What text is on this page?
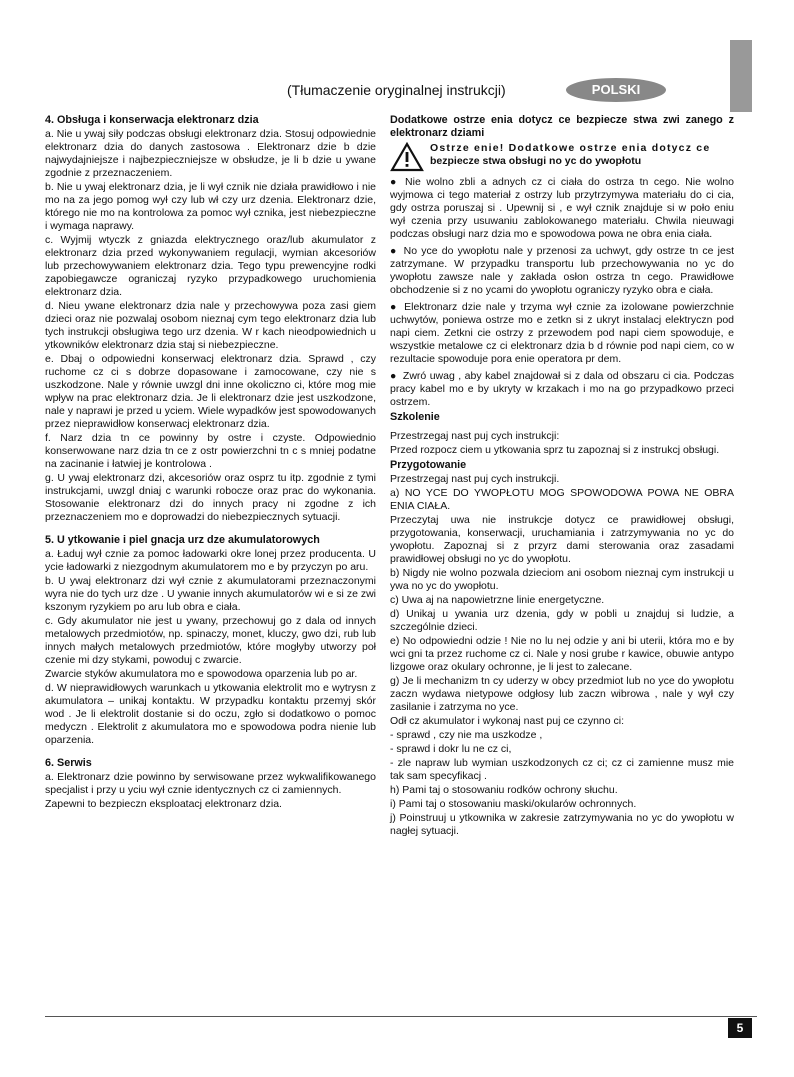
(Tłumaczenie oryginalnej instrukcji)	POLSKI
4. Obsługa i konserwacja elektronarz dzia

a. Nie u ywaj siły podczas obsługi elektronarz dzia. Stosuj odpowiednie elektronarz dzia do danych zastosowa . Elektronarz dzie b dzie najwydajniejsze i najbezpieczniejsze w obsłudze, je li b dzie u ywane zgodnie z przeznaczeniem.

b. Nie u ywaj elektronarz dzia, je li wył cznik nie działa prawidłowo i nie mo na za jego pomog wył czy lub wł czy urz dzenia. Elektronarz dzie, którego nie mo na kontrolowa za pomoc wył cznika, jest niebezpieczne i wymaga naprawy.

c. Wyjmij wtyczk z gniazda elektrycznego oraz/lub akumulator z elektronarz dzia przed wykonywaniem regulacji, wymian akcesoriów lub przechowywaniem elektronarz dzia. Tego typu prewencyjne rodki zapobiegawcze ograniczaj ryzyko przypadkowego uruchomienia elektronarz dzia.

d. Nieu ywane elektronarz dzia nale y przechowywa poza zasi giem dzieci oraz nie pozwalaj osobom nieznaj cym tego elektronarz dzia lub tych instrukcji obsługiwa tego urz dzenia. W r kach nieodpowiednich u ytkowników elektronarz dzia staj si niebezpieczne.

e. Dbaj o odpowiedni konserwacj elektronarz dzia. Sprawd , czy ruchome cz ci s dobrze dopasowane i zamocowane, czy nie s uszkodzone. Nale y równie uwzgl dni inne okoliczno ci, które mog mie wpływ na prac elektronarz dzia. Je li elektronarz dzie jest uszkodzone, nale y naprawi je przed u yciem. Wiele wypadków jest spowodowanych przez nieprawidłow konserwacj elektronarz dzia.

f. Narz dzia tn ce powinny by ostre i czyste. Odpowiednio konserwowane narz dzia tn ce z ostr powierzchni tn c s mniej podatne na zacinanie i łatwiej je kontrolowa .

g. U ywaj elektronarz dzi, akcesoriów oraz osprz tu itp. zgodnie z tymi instrukcjami, uwzgl dniaj c warunki robocze oraz prac do wykonania. Stosowanie elektronarz dzi do innych pracy ni zgodne z ich przeznaczeniem mo e doprowadzi do niebezpiecznych sytuacji.

5. U ytkowanie i piel gnacja urz dze akumulatorowych

a. Ładuj wył cznie za pomoc ładowarki okre lonej przez producenta. U ycie ładowarki z niezgodnym akumulatorem mo e by przyczyn po aru.

b. U ywaj elektronarz dzi wył cznie z akumulatorami przeznaczonymi wyra nie do tych urz dze . U ywanie innych akumulatorów wi e si ze zwi kszonym ryzykiem po aru lub obra e ciała.

c. Gdy akumulator nie jest u ywany, przechowuj go z dala od innych metalowych przedmiotów, np. spinaczy, monet, kluczy, gwo dzi, rub lub innych małych metalowych przedmiotów, które mogłyby utworzy poł czenie mi dzy stykami, powoduj c zwarcie.

Zwarcie styków akumulatora mo e spowodowa oparzenia lub po ar.

d. W nieprawidłowych warunkach u ytkowania elektrolit mo e wytrysn z akumulatora – unikaj kontaktu. W przypadku kontaktu przemyj skór wod . Je li elektrolit dostanie si do oczu, zgło si dodatkowo o pomoc medyczn . Elektrolit z akumulatora mo e spowodowa podra nienie lub oparzenia.

6. Serwis

a. Elektronarz dzie powinno by serwisowane przez wykwalifikowanego specjalist i przy u yciu wył cznie identycznych cz ci zamiennych.

Zapewni to bezpieczn eksploatacj elektronarz dzia.

Dodatkowe ostrze enia dotycz ce bezpiecze stwa zwi zanego z elektronarz dziami
Ostrze enie! Dodatkowe ostrze enia dotycz ce
bezpiecze stwa obsługi no yc do ywopłotu

● Nie wolno zbli a adnych cz ci ciała do ostrza tn cego. Nie wolno wyjmowa ci tego materiał z ostrzy lub przytrzymywa materiału do ci cia, gdy ostrza poruszaj si . Upewnij si , e wył cznik znajduje si w poło eniu wył czenia przy usuwaniu zablokowanego materiału. Chwila nieuwagi podczas obsługi narz dzia mo e spowodowa powa ne obra enia ciała.

● No yce do ywopłotu nale y przenosi za uchwyt, gdy ostrze tn ce jest zatrzymane. W przypadku transportu lub przechowywania no yc do ywopłotu zawsze nale y zakłada osłon ostrza tn cego. Prawidłowe obchodzenie si z no ycami do ywopłotu ograniczy ryzyko obra e ciała.

● Elektronarz dzie nale y trzyma wył cznie za izolowane powierzchnie uchwytów, poniewa ostrze mo e zetkn si z ukryt instalacj elektryczn pod napi ciem. Zetkni cie ostrzy z przewodem pod napi ciem spowoduje, e wszystkie metalowe cz ci elektronarz dzia b d równie pod napi ciem, co w rezultacie spowoduje pora enie operatora pr dem.

● Zwró uwag , aby kabel znajdował si z dala od obszaru ci cia. Podczas pracy kabel mo e by ukryty w krzakach i mo na go przypadkowo przeci ostrzem.

Szkolenie

Przestrzegaj nast puj cych instrukcji:

Przed rozpocz ciem u ytkowania sprz tu zapoznaj si z instrukcj obsługi.

Przygotowanie

Przestrzegaj nast puj cych instrukcji.

a) NO YCE DO YWOPŁOTU MOG SPOWODOWA POWA NE OBRA ENIA CIAŁA.

Przeczytaj uwa nie instrukcje dotycz ce prawidłowej obsługi, przygotowania, konserwacji, uruchamiania i zatrzymywania no yc do ywopłotu. Zapoznaj si z przyrz dami sterowania oraz zasadami prawidłowej obsługi no yc do ywopłotu.

b) Nigdy nie wolno pozwala dzieciom ani osobom nieznaj cym instrukcji u ywa no yc do ywopłotu.

c) Uwa aj na napowietrzne linie energetyczne.

d) Unikaj u ywania urz dzenia, gdy w pobli u znajduj si ludzie, a szczególnie dzieci.

e) No odpowiedni odzie ! Nie no lu nej odzie y ani bi uterii, która mo e by wci gni ta przez ruchome cz ci. Nale y nosi grube r kawice, obuwie antypo lizgowe oraz okulary ochronne, je li jest to zalecane.

g) Je li mechanizm tn cy uderzy w obcy przedmiot lub no yce do ywopłotu zaczn wydawa nietypowe odgłosy lub zaczn wibrowa , nale y wył czy zasilanie i zatrzyma no yce.

Odł cz akumulator i wykonaj nast puj ce czynno ci:

- sprawd , czy nie ma uszkodze ,

- sprawd i dokr lu ne cz ci,

- zle napraw lub wymian uszkodzonych cz ci; cz ci zamienne musz mie tak sam specyfikacj .

h) Pami taj o stosowaniu rodków ochrony słuchu.

i) Pami taj o stosowaniu maski/okularów ochronnych.

j) Poinstruuj u ytkownika w zakresie zatrzymywania no yc do ywopłotu w nagłej sytuacji.

5
